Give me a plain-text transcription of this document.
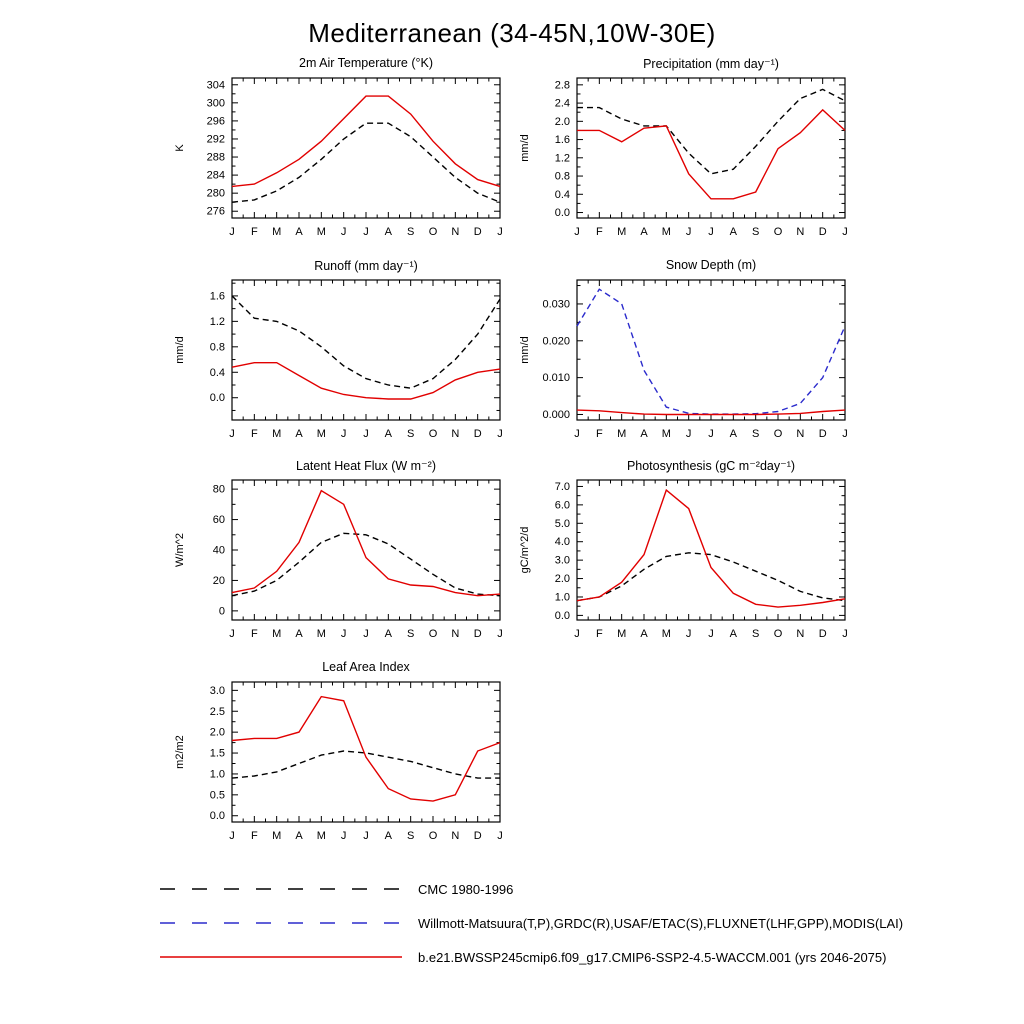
Mediterranean (34-45N,10W-30E)
2m Air Temperature (°K)
J F M A M J J A S O N D J
276
280
284
288
292
296
300
304
K
Precipitation (mm day⁻¹)
J F M A M J J A S O N D J
0.0
0.4
0.8
1.2
1.6
2.0
2.4
2.8
mm/d
Runoff (mm day⁻¹)
J F M A M J J A S O N D J
0.0
0.4
0.8
1.2
1.6
mm/d
Snow Depth (m)
J F M A M J J A S O N D J
0.000
0.010
0.020
0.030
mm/d
Latent Heat Flux (W m⁻²)
J F M A M J J A S O N D J
0
20
40
60
80
W/m^2
Photosynthesis (gC m⁻²day⁻¹)
J F M A M J J A S O N D J
0.0
1.0
2.0
3.0
4.0
5.0
6.0
7.0
gC/m^2/d
Leaf Area Index
J F M A M J J A S O N D J
0.0
0.5
1.0
1.5
2.0
2.5
3.0
m2/m2
CMC 1980-1996
Willmott-Matsuura(T,P),GRDC(R),USAF/ETAC(S),FLUXNET(LHF,GPP),MODIS(LAI)
b.e21.BWSSP245cmip6.f09_g17.CMIP6-SSP2-4.5-WACCM.001 (yrs 2046-2075)
